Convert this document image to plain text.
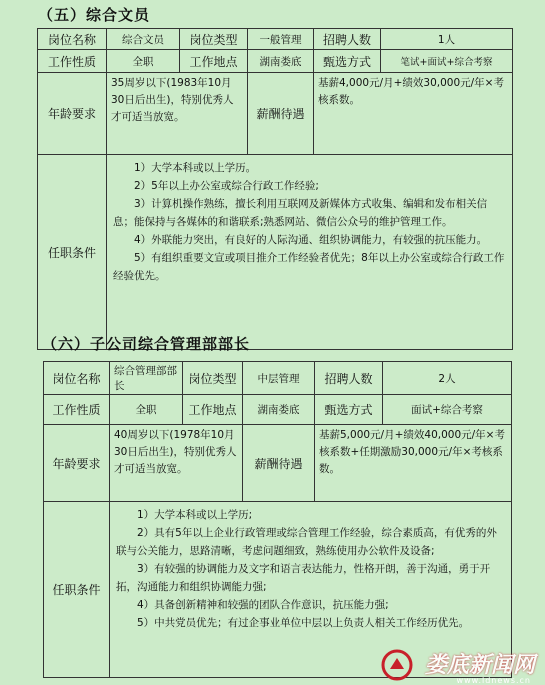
（五）综合文员
岗位名称	综合文员	岗位类型	一般管理	招聘人数	1人
工作性质	全职	工作地点	湖南娄底	甄选方式	笔试+面试+综合考察
年龄要求	35周岁以下(1983年10月30日后出生)，特别优秀人才可适当放宽。		薪酬待遇	基薪4,000元/月+绩效30,000元/年×考核系数。	
任职条件	1）大学本科或以上学历。

2）5年以上办公室或综合行政工作经验;

3）计算机操作熟练，擅长利用互联网及新媒体方式收集、编辑和发布相关信息；能保持与各媒体的和谐联系;熟悉网站、微信公众号的维护管理工作。

4）外联能力突出，有良好的人际沟通、组织协调能力，有较强的抗压能力。

5）有组织重要文宣或项目推介工作经验者优先；8年以上办公室或综合行政工作经验优先。				

（六）子公司综合管理部部长
岗位名称	综合管理部部长	岗位类型	中层管理	招聘人数	2人
工作性质	全职	工作地点	湖南娄底	甄选方式	面试+综合考察
年龄要求	40周岁以下(1978年10月30日后出生)，特别优秀人才可适当放宽。		薪酬待遇	基薪5,000元/月+绩效40,000元/年×考核系数+任期激励30,000元/年×考核系数。	
任职条件	1）大学本科或以上学历;

2）具有5年以上企业行政管理或综合管理工作经验，综合素质高，有优秀的外联与公关能力，思路清晰，考虑问题细致，熟练使用办公软件及设备;

3）有较强的协调能力及文字和语言表达能力，性格开朗，善于沟通，勇于开拓，沟通能力和组织协调能力强;

4）具备创新精神和较强的团队合作意识，抗压能力强;

5）中共党员优先；有过企事业单位中层以上负责人相关工作经历优先。				

娄底新闻网
www.ldnews.cn
